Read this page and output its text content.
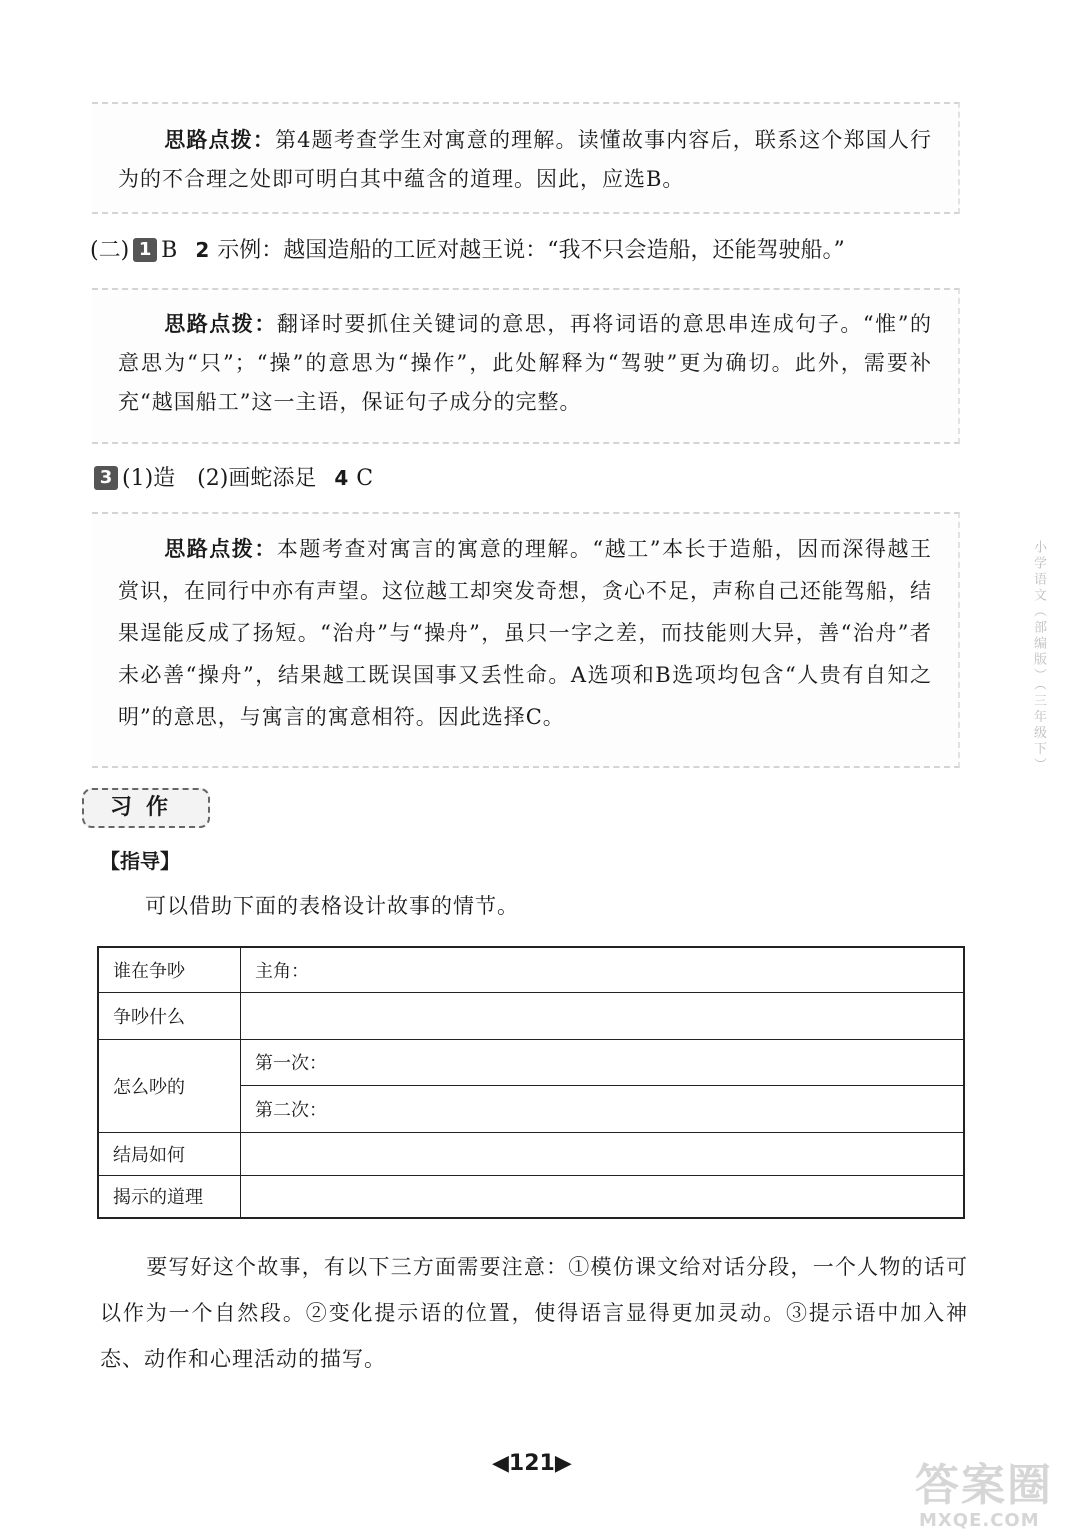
思路点拨：第4题考查学生对寓意的理解。读懂故事内容后，联系这个郑国人行为的不合理之处即可明白其中蕴含的道理。因此，应选B。
(二) 1 B 2 示例：越国造船的工匠对越王说：“我不只会造船，还能驾驶船。”
思路点拨：翻译时要抓住关键词的意思，再将词语的意思串连成句子。“惟”的意思为“只”；“操”的意思为“操作”，此处解释为“驾驶”更为确切。此外，需要补充“越国船工”这一主语，保证句子成分的完整。
3 (1)造　(2)画蛇添足 4 C
思路点拨：本题考查对寓言的寓意的理解。“越工”本长于造船，因而深得越王赏识，在同行中亦有声望。这位越工却突发奇想，贪心不足，声称自己还能驾船，结果逞能反成了扬短。“治舟”与“操舟”，虽只一字之差，而技能则大异，善“治舟”者未必善“操舟”，结果越工既误国事又丢性命。A选项和B选项均包含“人贵有自知之明”的意思，与寓言的寓意相符。因此选择C。
习作
【指导】
可以借助下面的表格设计故事的情节。
谁在争吵	主角：
争吵什么	
怎么吵的	第一次：
	第二次：
结局如何	
揭示的道理	
要写好这个故事，有以下三方面需要注意：①模仿课文给对话分段，一个人物的话可以作为一个自然段。②变化提示语的位置，使得语言显得更加灵动。③提示语中加入神态、动作和心理活动的描写。
◀121▶
小学语文（部编版）（三年级下）
答案圈
MXQE.COM
